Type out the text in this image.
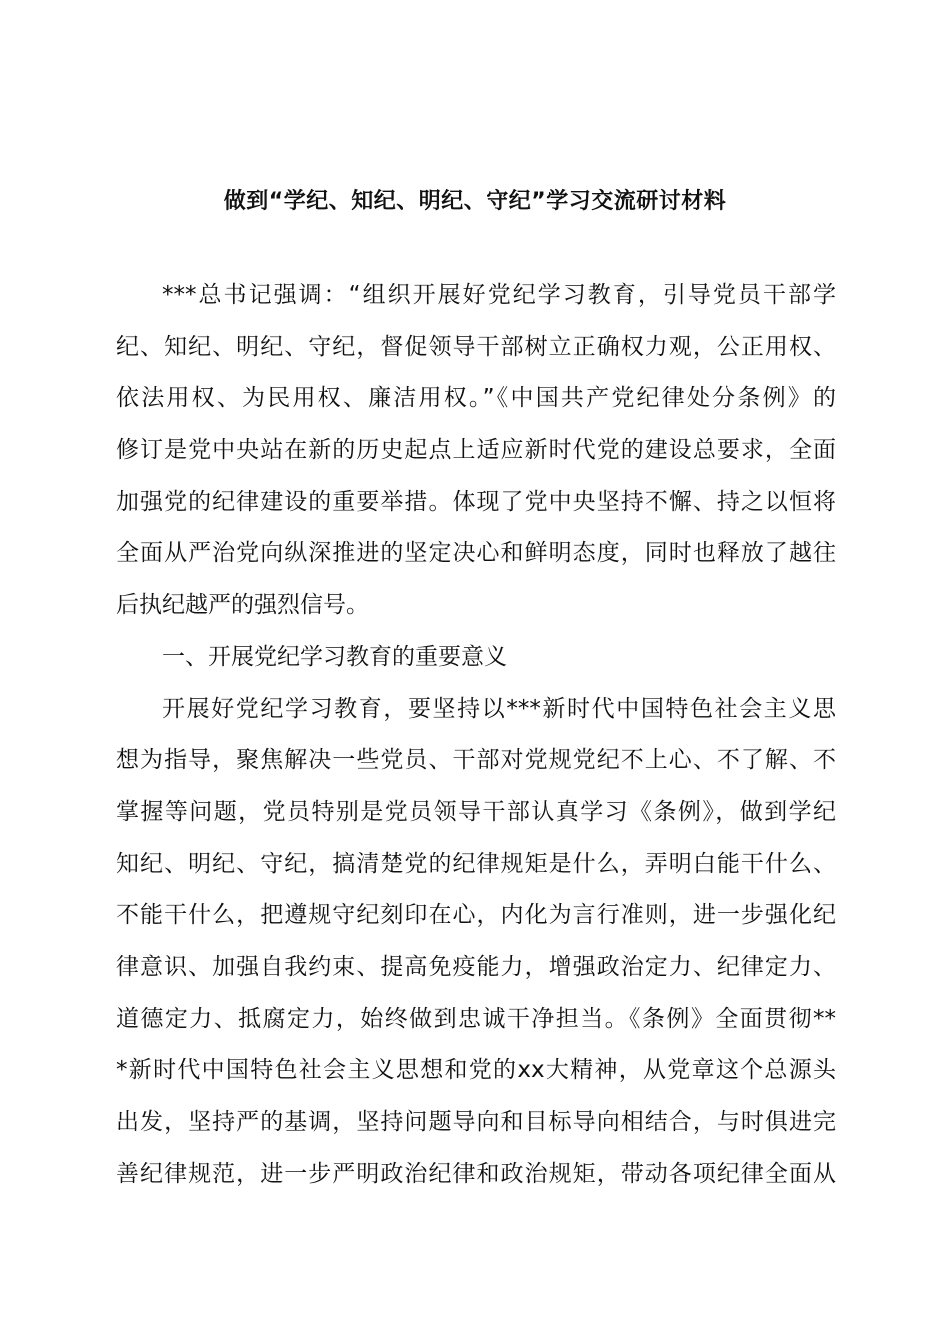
做到“学纪、知纪、明纪、守纪”学习交流研讨材料
***总书记强调：“组织开展好党纪学习教育，引导党员干部学
纪、知纪、明纪、守纪，督促领导干部树立正确权力观，公正用权、
依法用权、为民用权、廉洁用权。”《中国共产党纪律处分条例》的
修订是党中央站在新的历史起点上适应新时代党的建设总要求，全面
加强党的纪律建设的重要举措。体现了党中央坚持不懈、持之以恒将
全面从严治党向纵深推进的坚定决心和鲜明态度，同时也释放了越往
后执纪越严的强烈信号。
一、开展党纪学习教育的重要意义
开展好党纪学习教育，要坚持以***新时代中国特色社会主义思
想为指导，聚焦解决一些党员、干部对党规党纪不上心、不了解、不
掌握等问题，党员特别是党员领导干部认真学习《条例》，做到学纪
知纪、明纪、守纪，搞清楚党的纪律规矩是什么，弄明白能干什么、
不能干什么，把遵规守纪刻印在心，内化为言行准则，进一步强化纪
律意识、加强自我约束、提高免疫能力，增强政治定力、纪律定力、
道德定力、抵腐定力，始终做到忠诚干净担当。《条例》全面贯彻**
*新时代中国特色社会主义思想和党的xx大精神，从党章这个总源头
出发，坚持严的基调，坚持问题导向和目标导向相结合，与时俱进完
善纪律规范，进一步严明政治纪律和政治规矩，带动各项纪律全面从
